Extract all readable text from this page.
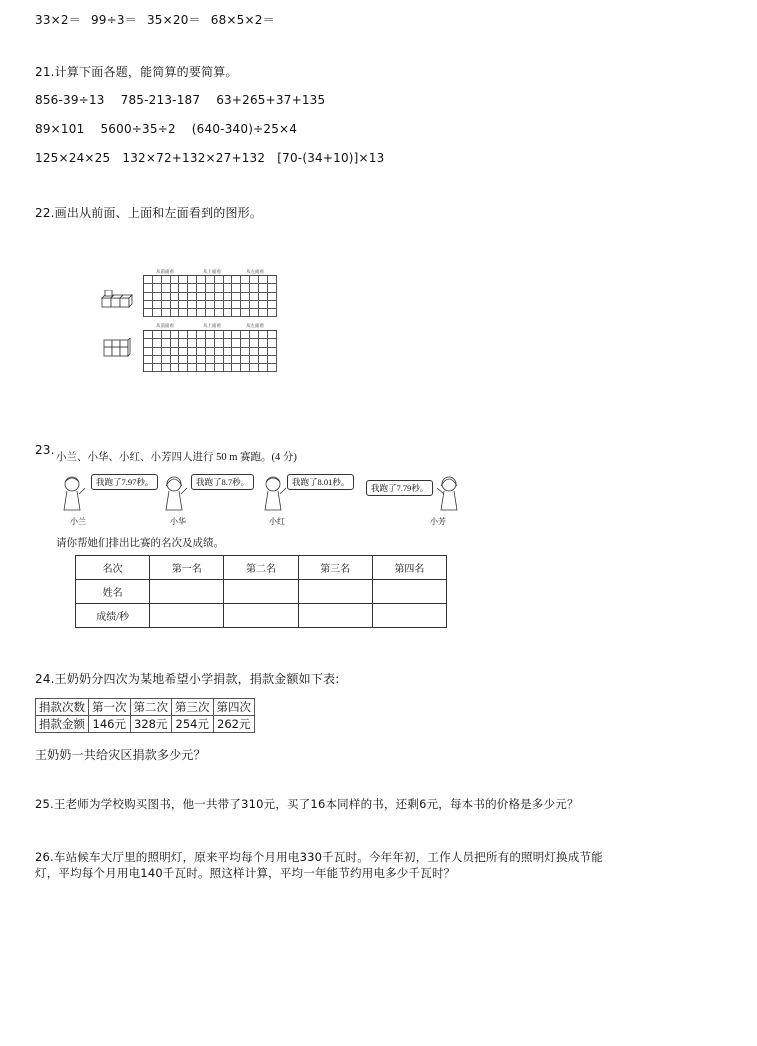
33×2＝ 99÷3＝ 35×20＝ 68×5×2＝
21.计算下面各题，能简算的要简算。
856-39÷13 785-213-187 63+265+37+135
89×101 5600÷35÷2 (640-340)÷25×4
125×24×25 132×72+132×27+132 [70-(34+10)]×13
22.画出从前面、上面和左面看到的图形。
从前面看	从上面看	从左面看
从前面看	从上面看	从左面看
23.
小兰、小华、小红、小芳四人进行 50 m 赛跑。(4 分)
我跑了7.97秒。	我跑了8.7秒。	我跑了8.01秒。
我跑了7.79秒。
小兰	小华	小红	小芳
请你帮她们排出比赛的名次及成绩。
名次	第一名	第二名	第三名	第四名
姓名				
成绩/秒				
24.王奶奶分四次为某地希望小学捐款，捐款金额如下表:
捐款次数	第一次	第二次	第三次	第四次
捐款金额	146元	328元	254元	262元
王奶奶一共给灾区捐款多少元？
25.王老师为学校购买图书，他一共带了310元，买了16本同样的书，还剩6元，每本书的价格是多少元？
26.车站候车大厅里的照明灯，原来平均每个月用电330千瓦时。今年年初，工作人员把所有的照明灯换成节能
灯，平均每个月用电140千瓦时。照这样计算，平均一年能节约用电多少千瓦时？
